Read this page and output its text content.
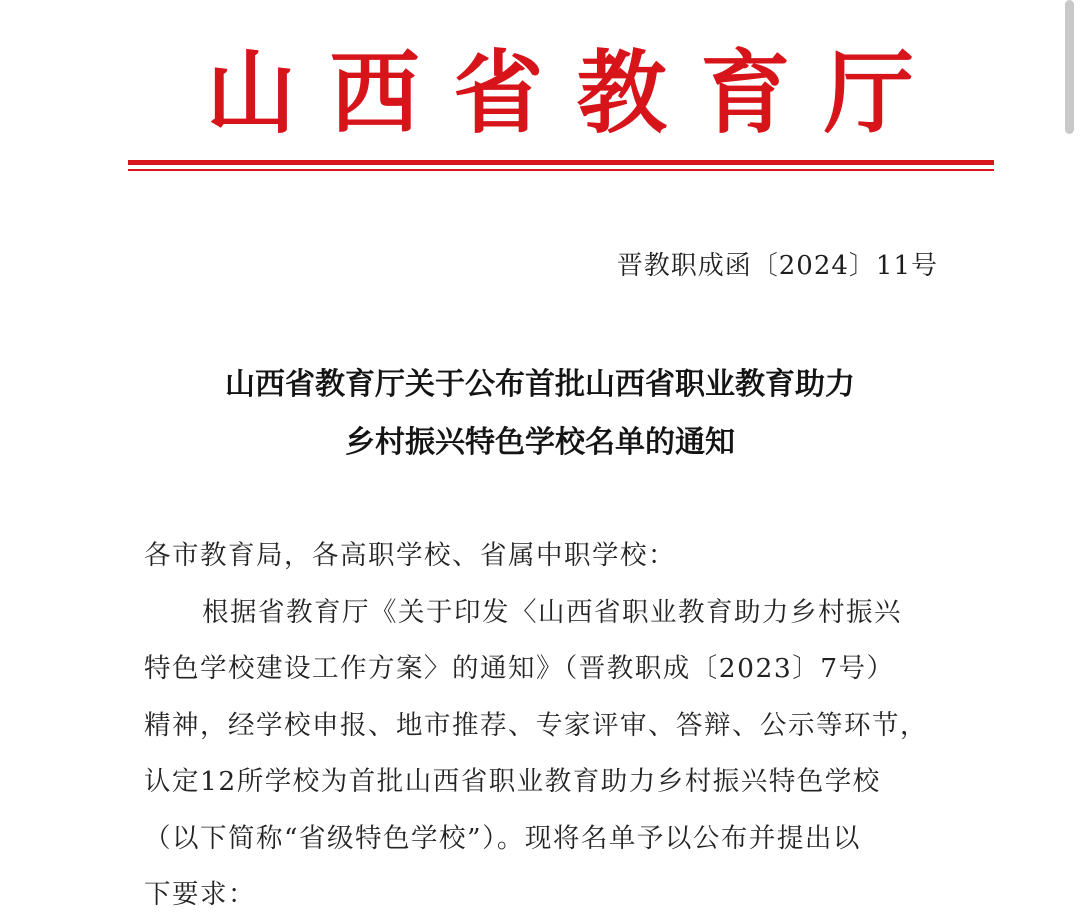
山 西 省 教 育 厅
晋教职成函〔2024〕11号
山西省教育厅关于公布首批山西省职业教育助力
乡村振兴特色学校名单的通知
各市教育局，各高职学校、省属中职学校：
根据省教育厅《关于印发〈山西省职业教育助力乡村振兴
特色学校建设工作方案〉的通知》（晋教职成〔2023〕7号）
精神，经学校申报、地市推荐、专家评审、答辩、公示等环节，
认定12所学校为首批山西省职业教育助力乡村振兴特色学校
（以下简称“省级特色学校”）。现将名单予以公布并提出以
下要求：
